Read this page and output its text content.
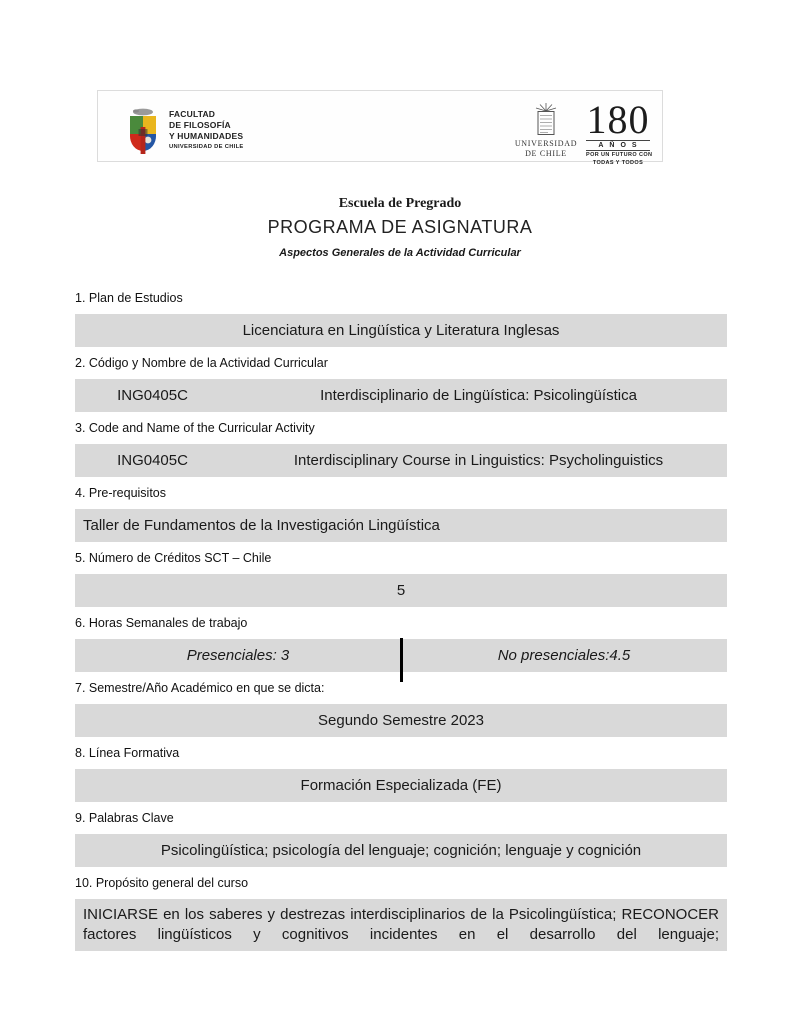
FACULTAD
DE FILOSOFÍA
Y HUMANIDADES
UNIVERSIDAD DE CHILE	UNIVERSIDAD
DE CHILE
180
AÑOS
POR UN FUTURO CON
TODAS Y TODOS
Escuela de Pregrado
PROGRAMA DE ASIGNATURA
Aspectos Generales de la Actividad Curricular
1. Plan de Estudios
Licenciatura en Lingüística y Literatura Inglesas
2. Código y Nombre de la Actividad Curricular
ING0405C	Interdisciplinario de Lingüística: Psicolingüística
3. Code and Name of the Curricular Activity
ING0405C	Interdisciplinary Course in Linguistics: Psycholinguistics
4. Pre-requisitos
Taller de Fundamentos de la Investigación Lingüística
5. Número de Créditos SCT – Chile
5
6. Horas Semanales de trabajo
Presenciales: 3	No presenciales:4.5
7. Semestre/Año Académico en que se dicta:
Segundo Semestre 2023
8. Línea Formativa
Formación Especializada (FE)
9. Palabras Clave
Psicolingüística; psicología del lenguaje; cognición; lenguaje y cognición
10. Propósito general del curso
INICIARSE en los saberes y destrezas interdisciplinarios de la Psicolingüística; RECONOCER factores lingüísticos y cognitivos incidentes en el desarrollo del lenguaje;
